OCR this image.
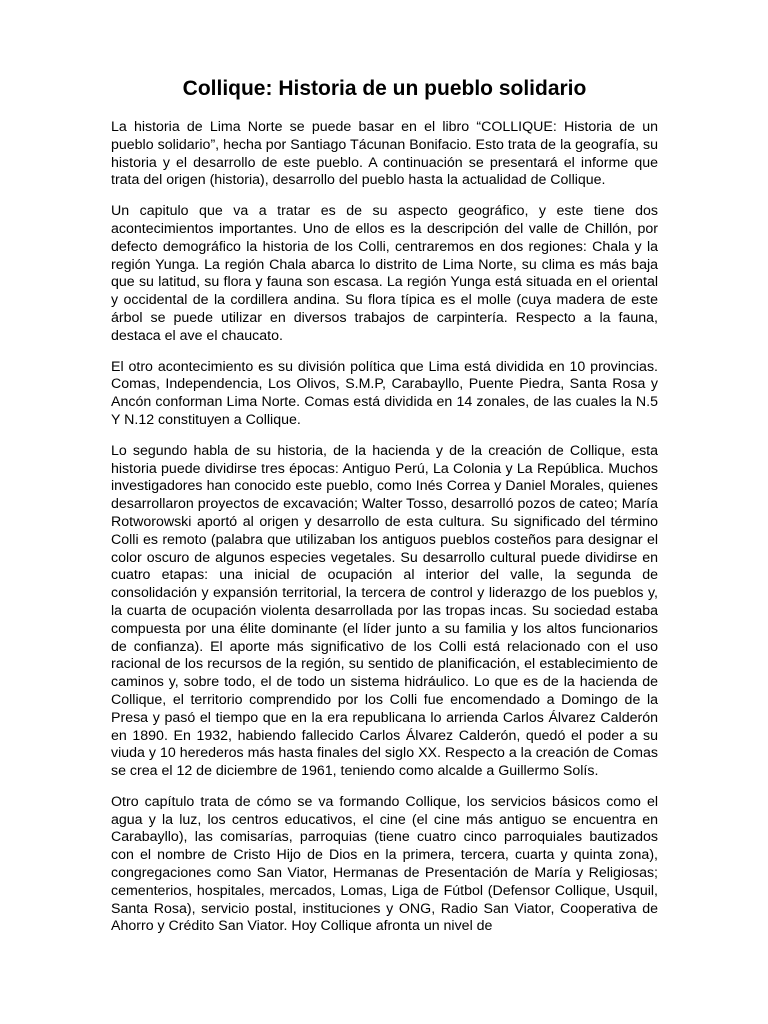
Collique: Historia de un pueblo solidario

La historia de Lima Norte se puede basar en el libro “COLLIQUE: Historia de un pueblo solidario”, hecha por Santiago Tácunan Bonifacio. Esto trata de la geografía, su historia y el desarrollo de este pueblo. A continuación se presentará el informe que trata del origen (historia), desarrollo del pueblo hasta la actualidad de Collique.

Un capitulo que va a tratar es de su aspecto geográfico, y este tiene dos acontecimientos importantes. Uno de ellos es la descripción del valle de Chillón, por defecto demográfico la historia de los Colli, centraremos en dos regiones: Chala y la región Yunga. La región Chala abarca lo distrito de Lima Norte, su clima es más baja que su latitud, su flora y fauna son escasa. La región Yunga está situada en el oriental y occidental de la cordillera andina. Su flora típica es el molle (cuya madera de este árbol se puede utilizar en diversos trabajos de carpintería. Respecto a la fauna, destaca el ave el chaucato.

El otro acontecimiento es su división política que Lima está dividida en 10 provincias. Comas, Independencia, Los Olivos, S.M.P, Carabayllo, Puente Piedra, Santa Rosa y Ancón conforman Lima Norte. Comas está dividida en 14 zonales, de las cuales la N.5 Y N.12 constituyen a Collique.

Lo segundo habla de su historia, de la hacienda y de la creación de Collique, esta historia puede dividirse tres épocas: Antiguo Perú, La Colonia y La República. Muchos investigadores han conocido este pueblo, como Inés Correa y Daniel Morales, quienes desarrollaron proyectos de excavación; Walter Tosso, desarrolló pozos de cateo; María Rotworowski aportó al origen y desarrollo de esta cultura. Su significado del término Colli es remoto (palabra que utilizaban los antiguos pueblos costeños para designar el color oscuro de algunos especies vegetales. Su desarrollo cultural puede dividirse en cuatro etapas: una inicial de ocupación al interior del valle, la segunda de consolidación y expansión territorial, la tercera de control y liderazgo de los pueblos y, la cuarta de ocupación violenta desarrollada por las tropas incas. Su sociedad estaba compuesta por una élite dominante (el líder junto a su familia y los altos funcionarios de confianza). El aporte más significativo de los Colli está relacionado con el uso racional de los recursos de la región, su sentido de planificación, el establecimiento de caminos y, sobre todo, el de todo un sistema hidráulico. Lo que es de la hacienda de Collique, el territorio comprendido por los Colli fue encomendado a Domingo de la Presa y pasó el tiempo que en la era republicana lo arrienda Carlos Álvarez Calderón en 1890. En 1932, habiendo fallecido Carlos Álvarez Calderón, quedó el poder a su viuda y 10 herederos más hasta finales del siglo XX. Respecto a la creación de Comas se crea el 12 de diciembre de 1961, teniendo como alcalde a Guillermo Solís.

Otro capítulo trata de cómo se va formando Collique, los servicios básicos como el agua y la luz, los centros educativos, el cine (el cine más antiguo se encuentra en Carabayllo), las comisarías, parroquias (tiene cuatro cinco parroquiales bautizados con el nombre de Cristo Hijo de Dios en la primera, tercera, cuarta y quinta zona), congregaciones como San Viator, Hermanas de Presentación de María y Religiosas; cementerios, hospitales, mercados, Lomas, Liga de Fútbol (Defensor Collique, Usquil, Santa Rosa), servicio postal, instituciones y ONG, Radio San Viator, Cooperativa de Ahorro y Crédito San Viator. Hoy Collique afronta un nivel de
